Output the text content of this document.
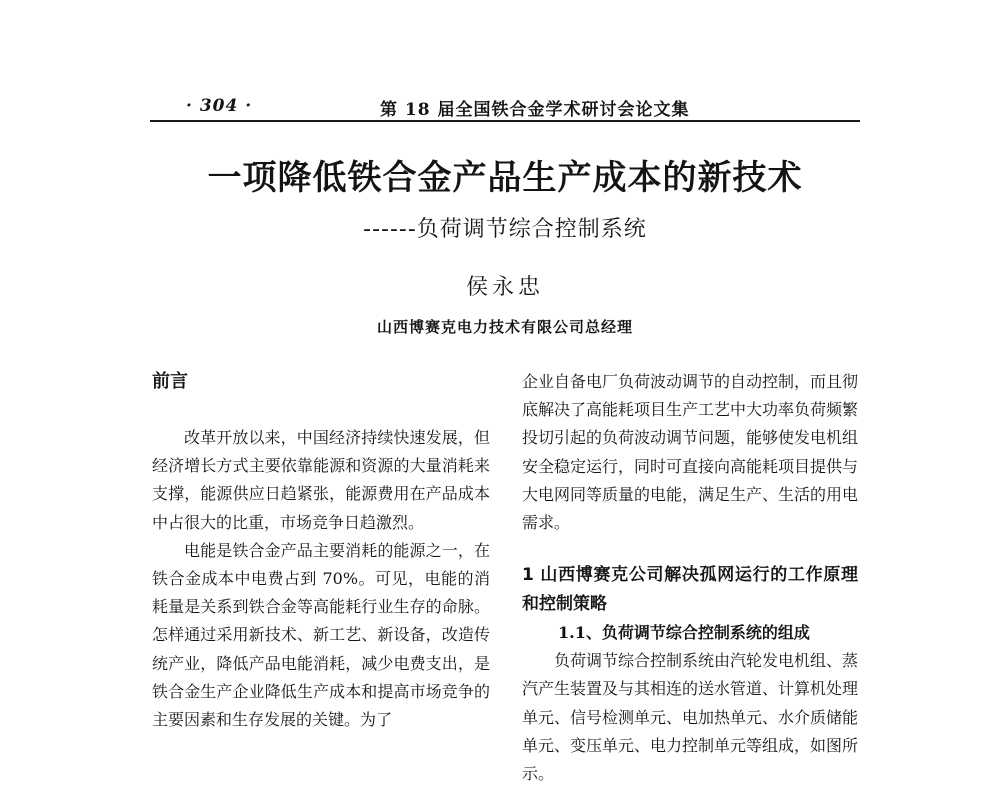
· 304 ·	第 18 届全国铁合金学术研讨会论文集
一项降低铁合金产品生产成本的新技术
------负荷调节综合控制系统
侯永忠
山西博赛克电力技术有限公司总经理

前言

改革开放以来，中国经济持续快速发展，但经济增长方式主要依靠能源和资源的大量消耗来支撑，能源供应日趋紧张，能源费用在产品成本中占很大的比重，市场竞争日趋激烈。

电能是铁合金产品主要消耗的能源之一，在铁合金成本中电费占到 70%。可见，电能的消耗量是关系到铁合金等高能耗行业生存的命脉。怎样通过采用新技术、新工艺、新设备，改造传统产业，降低产品电能消耗，减少电费支出，是铁合金生产企业降低生产成本和提高市场竞争的主要因素和生存发展的关键。为了

企业自备电厂负荷波动调节的自动控制，而且彻底解决了高能耗项目生产工艺中大功率负荷频繁投切引起的负荷波动调节问题，能够使发电机组安全稳定运行，同时可直接向高能耗项目提供与大电网同等质量的电能，满足生产、生活的用电需求。

1 山西博赛克公司解决孤网运行的工作原理和控制策略

1.1、负荷调节综合控制系统的组成

负荷调节综合控制系统由汽轮发电机组、蒸汽产生装置及与其相连的送水管道、计算机处理单元、信号检测单元、电加热单元、水介质储能单元、变压单元、电力控制单元等组成，如图所示。
